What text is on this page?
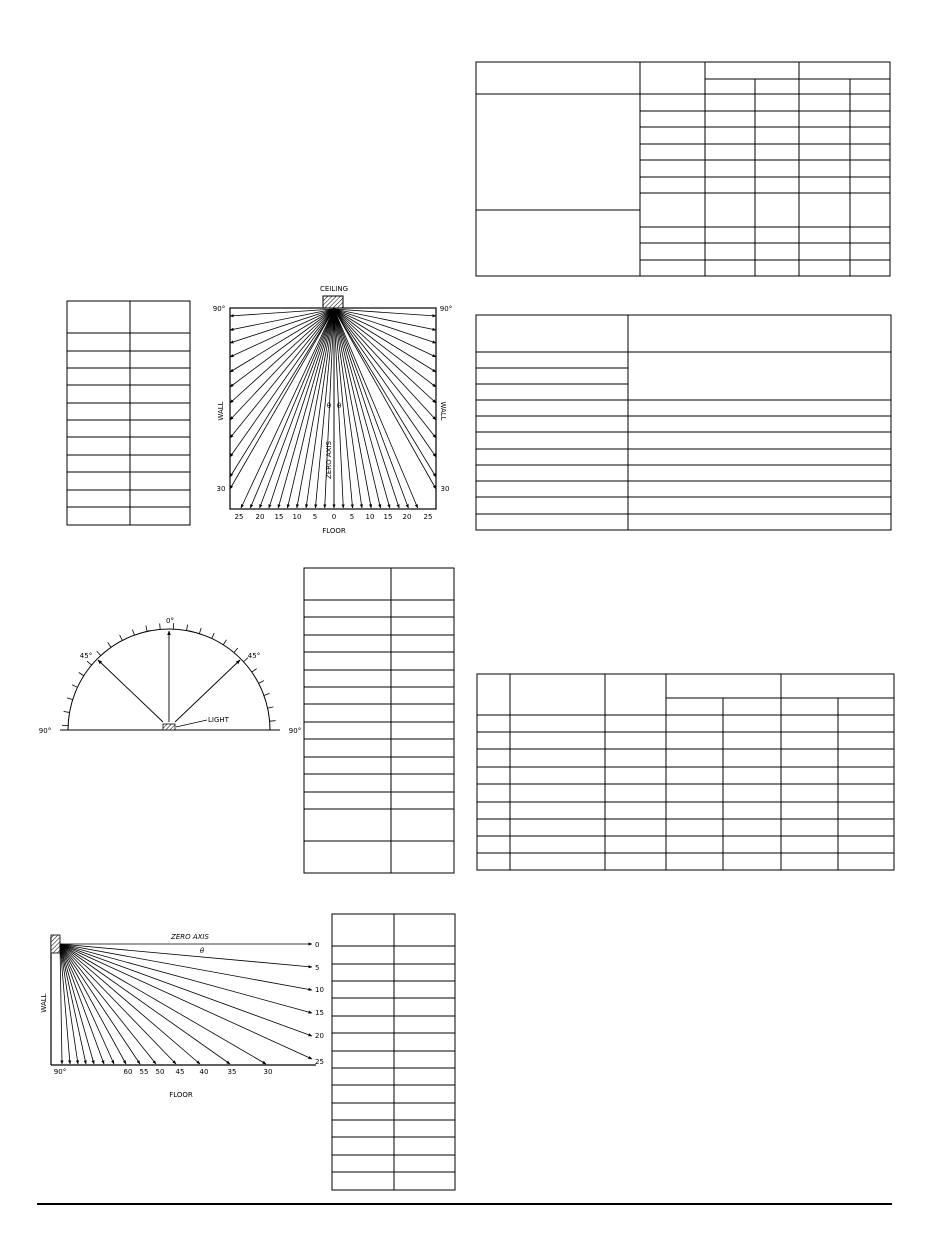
CEILING
90°	90°
30	30
WALL	WALL
ZERO AXIS
θ θ
25 20 15 10 5 0 5 10 15 20 25
FLOOR
LIGHT
0°
45°	45°
90°	90°
ZERO AXIS
θ
WALL
FLOOR
0
5
10
15
20
25
90°	60 55 50 45 40	35	30
